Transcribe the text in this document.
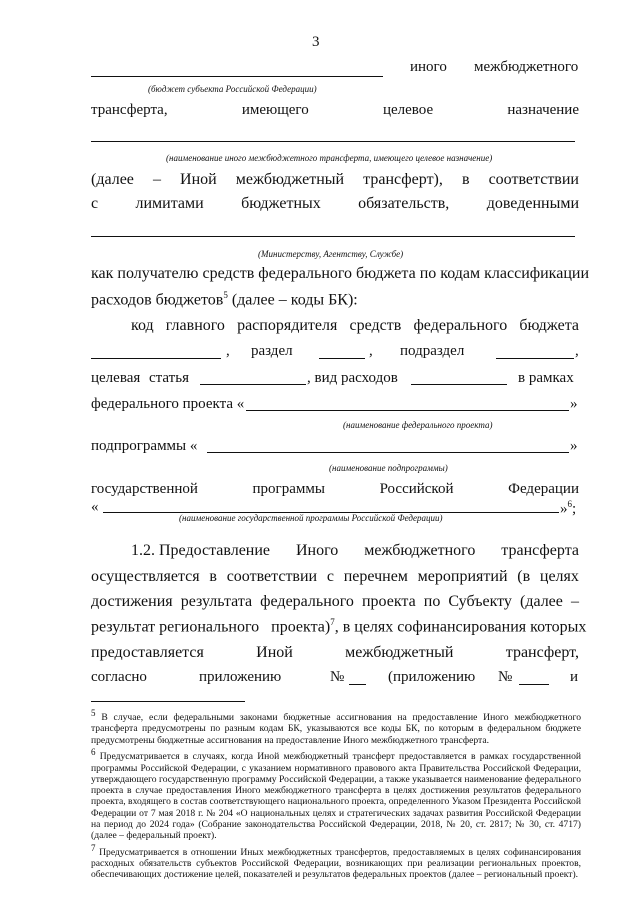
3
иного межбюджетного
(бюджет субъекта Российской Федерации)
трансферта,	имеющего	целевое	назначение
(наименование иного межбюджетного трансферта, имеющего целевое назначение)
(далее – Иной межбюджетный трансферт), в соответствии
с лимитами бюджетных обязательств, доведенными
(Министерству, Агентству, Службе)
как получателю средств федерального бюджета по кодам классификации
расходов бюджетов$^5$ (далее – коды БК):
код главного распорядителя средств федерального бюджета
, раздел	, подраздел	,
целевая статья	, вид расходов	в рамках
федерального проекта «	»
(наименование федерального проекта)
подпрограммы «	»
(наименование подпрограммы)
государственной	программы	Российской	Федерации
«	»$^6$;
(наименование государственной программы Российской Федерации)
1.2. Предоставление Иного межбюджетного трансферта
осуществляется в соответствии с перечнем мероприятий (в целях
достижения результата федерального проекта по Субъекту (далее –
результат регионального   проекта)$^7$, в целях софинансирования которых
предоставляется	Иной	межбюджетный	трансферт,
согласно	приложению	№	(приложению №	и

$^5$ В случае, если федеральными законами бюджетные ассигнования на предоставление Иного межбюджетного трансферта предусмотрены по разным кодам БК, указываются все коды БК, по которым в федеральном бюджете предусмотрены бюджетные ассигнования на предоставление Иного межбюджетного трансферта.

$^6$ Предусматривается в случаях, когда Иной межбюджетный трансферт предоставляется в рамках государственной программы Российской Федерации, с указанием нормативного правового акта Правительства Российской Федерации, утверждающего государственную программу Российской Федерации, а также указывается наименование федерального проекта в случае предоставления Иного межбюджетного трансферта в целях достижения результатов федерального проекта, входящего в состав соответствующего национального проекта, определенного Указом Президента Российской Федерации от 7 мая 2018 г. № 204 «О национальных целях и стратегических задачах развития Российской Федерации на период до 2024 года» (Собрание законодательства Российской Федерации, 2018, № 20, ст. 2817; № 30, ст. 4717) (далее – федеральный проект).

$^7$ Предусматривается в отношении Иных межбюджетных трансфертов, предоставляемых в целях софинансирования расходных обязательств субъектов Российской Федерации, возникающих при реализации региональных проектов, обеспечивающих достижение целей, показателей и результатов федеральных проектов (далее – региональный проект).
